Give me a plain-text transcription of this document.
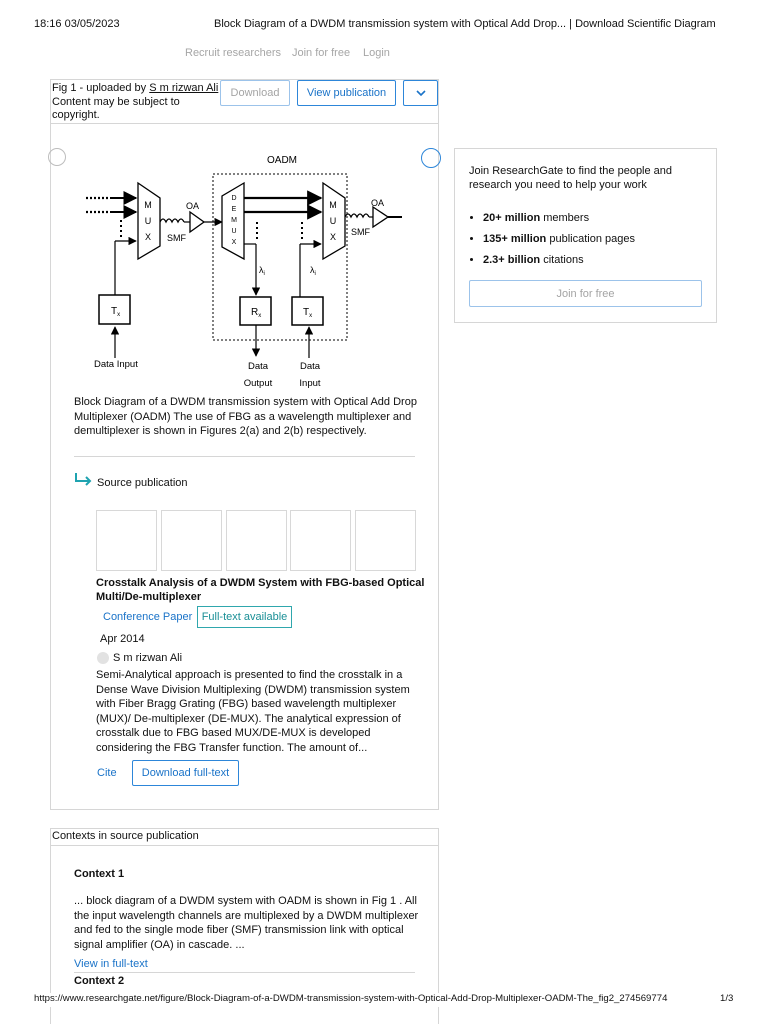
18:16 03/05/2023	Block Diagram of a DWDM transmission system with Optical Add Drop... | Download Scientific Diagram
Recruit researchers Join for free Login
Fig 1 - uploaded by S m rizwan Ali
Content may be subject to
copyright.
Download	View publication
OADM
M
U
X
$T_x$
Data Input
SMF
OA
D
E
M
U
X
$\lambda_i$
$R_x$
Data
Output
$T_x$
$\lambda_i$
Data
Input
M
U
X SMF
OA
Block Diagram of a DWDM transmission system with Optical Add Drop
Multiplexer (OADM) The use of FBG as a wavelength multiplexer and
demultiplexer is shown in Figures 2(a) and 2(b) respectively.
Source publication
Crosstalk Analysis of a DWDM System with FBG-based Optical
Multi/De-multiplexer
Conference Paper Full-text available
Apr 2014
S m rizwan Ali
Semi-Analytical approach is presented to find the crosstalk in a
Dense Wave Division Multiplexing (DWDM) transmission system
with Fiber Bragg Grating (FBG) based wavelength multiplexer
(MUX)/ De-multiplexer (DE-MUX). The analytical expression of
crosstalk due to FBG based MUX/DE-MUX is developed
considering the FBG Transfer function. The amount of...
Cite	Download full-text
Join ResearchGate to find the people and
research you need to help your work
• 20+ million members
• 135+ million publication pages
• 2.3+ billion citations
Join for free
Contexts in source publication
Context 1
... block diagram of a DWDM system with OADM is shown in Fig 1 . All
the input wavelength channels are multiplexed by a DWDM multiplexer
and fed to the single mode fiber (SMF) transmission link with optical
signal amplifier (OA) in cascade. ...
View in full-text
Context 2
https://www.researchgate.net/figure/Block-Diagram-of-a-DWDM-transmission-system-with-Optical-Add-Drop-Multiplexer-OADM-The_fig2_274569774	1/3
